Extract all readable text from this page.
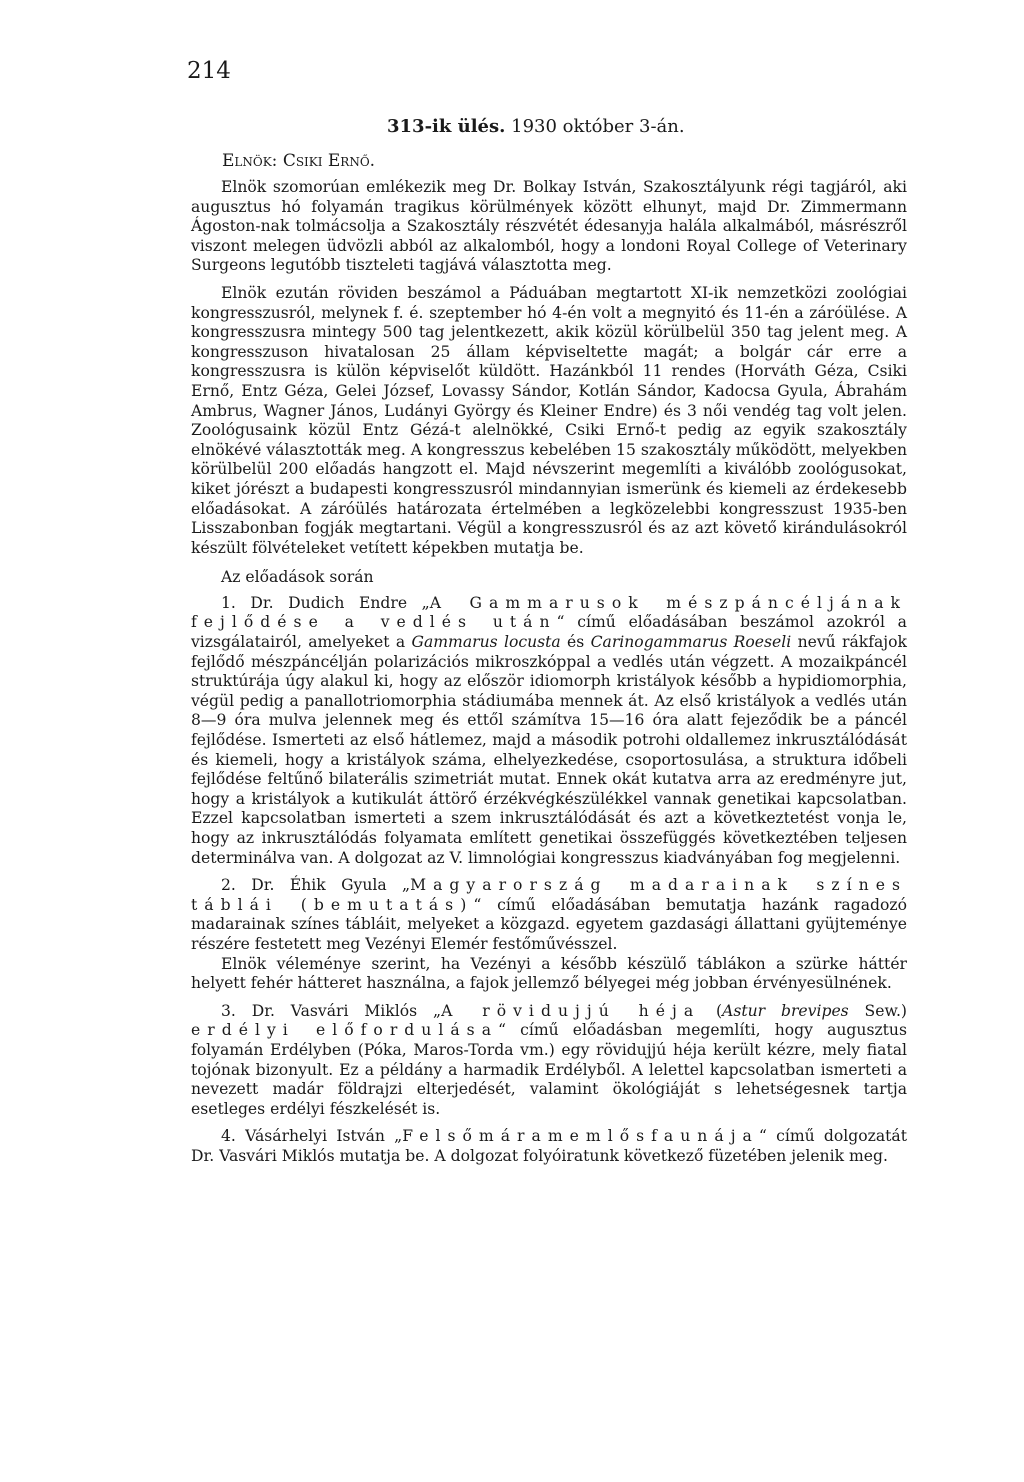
214
313-ik ülés. 1930 október 3-án.
Elnök: Csiki Ernő.

Elnök szomorúan emlékezik meg Dr. Bolkay István, Szakosztályunk régi tagjáról, aki augusztus hó folyamán tragikus körülmények között elhunyt, majd Dr. Zimmermann Ágoston-nak tolmácsolja a Szakosztály részvétét édesanyja halála alkalmából, másrészről viszont melegen üdvözli abból az alkalomból, hogy a londoni Royal College of Veterinary Surgeons legutóbb tiszteleti tagjává választotta meg.

Elnök ezután röviden beszámol a Páduában megtartott XI-ik nemzetközi zoológiai kongresszusról, melynek f. é. szeptember hó 4-én volt a megnyitó és 11-én a záróülése. A kongresszusra mintegy 500 tag jelentkezett, akik közül körülbelül 350 tag jelent meg. A kongresszuson hivatalosan 25 állam képviseltette magát; a bolgár cár erre a kongresszusra is külön képviselőt küldött. Hazánkból 11 rendes (Horváth Géza, Csiki Ernő, Entz Géza, Gelei József, Lovassy Sándor, Kotlán Sándor, Kadocsa Gyula, Ábrahám Ambrus, Wagner János, Ludányi György és Kleiner Endre) és 3 női vendég tag volt jelen. Zoológusaink közül Entz Gézá-t alelnökké, Csiki Ernő-t pedig az egyik szakosztály elnökévé választották meg. A kongresszus kebelében 15 szakosztály működött, melyekben körülbelül 200 előadás hangzott el. Majd névszerint megemlíti a kiválóbb zoológusokat, kiket jórészt a budapesti kongresszusról mindannyian ismerünk és kiemeli az érdekesebb előadásokat. A záróülés határozata értelmében a legközelebbi kongresszust 1935-ben Lisszabonban fogják megtartani. Végül a kongresszusról és az azt követő kirándulásokról készült fölvételeket vetített képekben mutatja be.

Az előadások során

1. Dr. Dudich Endre „A Gammarusok mészpáncéljának fejlődése a vedlés után“ című előadásában beszámol azokról a vizsgálatairól, amelyeket a Gammarus locusta és Carinogammarus Roeseli nevű rákfajok fejlődő mészpáncélján polarizációs mikroszkóppal a vedlés után végzett. A mozaikpáncél struktúrája úgy alakul ki, hogy az először idiomorph kristályok később a hypidiomorphia, végül pedig a panallotriomorphia stádiumába mennek át. Az első kristályok a vedlés után 8—9 óra mulva jelennek meg és ettől számítva 15—16 óra alatt fejeződik be a páncél fejlődése. Ismerteti az első hátlemez, majd a második potrohi oldallemez inkrusztálódását és kiemeli, hogy a kristályok száma, elhelyezkedése, csoportosulása, a struktura időbeli fejlődése feltűnő bilaterális szimetriát mutat. Ennek okát kutatva arra az eredményre jut, hogy a kristályok a kutikulát áttörő érzékvégkészülékkel vannak genetikai kapcsolatban. Ezzel kapcsolatban ismerteti a szem inkrusztálódását és azt a következtetést vonja le, hogy az inkrusztálódás folyamata említett genetikai összefüggés következtében teljesen determinálva van. A dolgozat az V. limnológiai kongresszus kiadványában fog megjelenni.

2. Dr. Éhik Gyula „Magyarország madarainak színes táblái (bemutatás)“ című előadásában bemutatja hazánk ragadozó madarainak színes tábláit, melyeket a közgazd. egyetem gazdasági állattani gyüjteménye részére festetett meg Vezényi Elemér festőművésszel.

Elnök véleménye szerint, ha Vezényi a később készülő táblákon a szürke háttér helyett fehér hátteret használna, a fajok jellemző bélyegei még jobban érvényesülnének.

3. Dr. Vasvári Miklós „A rövidujjú héja (Astur brevipes Sew.) erdélyi előfordulása“ című előadásban megemlíti, hogy augusztus folyamán Erdélyben (Póka, Maros-Torda vm.) egy rövidujjú héja került kézre, mely fiatal tojónak bizonyult. Ez a példány a harmadik Erdélyből. A lelettel kapcsolatban ismerteti a nevezett madár földrajzi elterjedését, valamint ökológiáját s lehetségesnek tartja esetleges erdélyi fészkelését is.

4. Vásárhelyi István „Felsőmáramemlősfaunája“ című dolgozatát Dr. Vasvári Miklós mutatja be. A dolgozat folyóiratunk következő füzetében jelenik meg.
